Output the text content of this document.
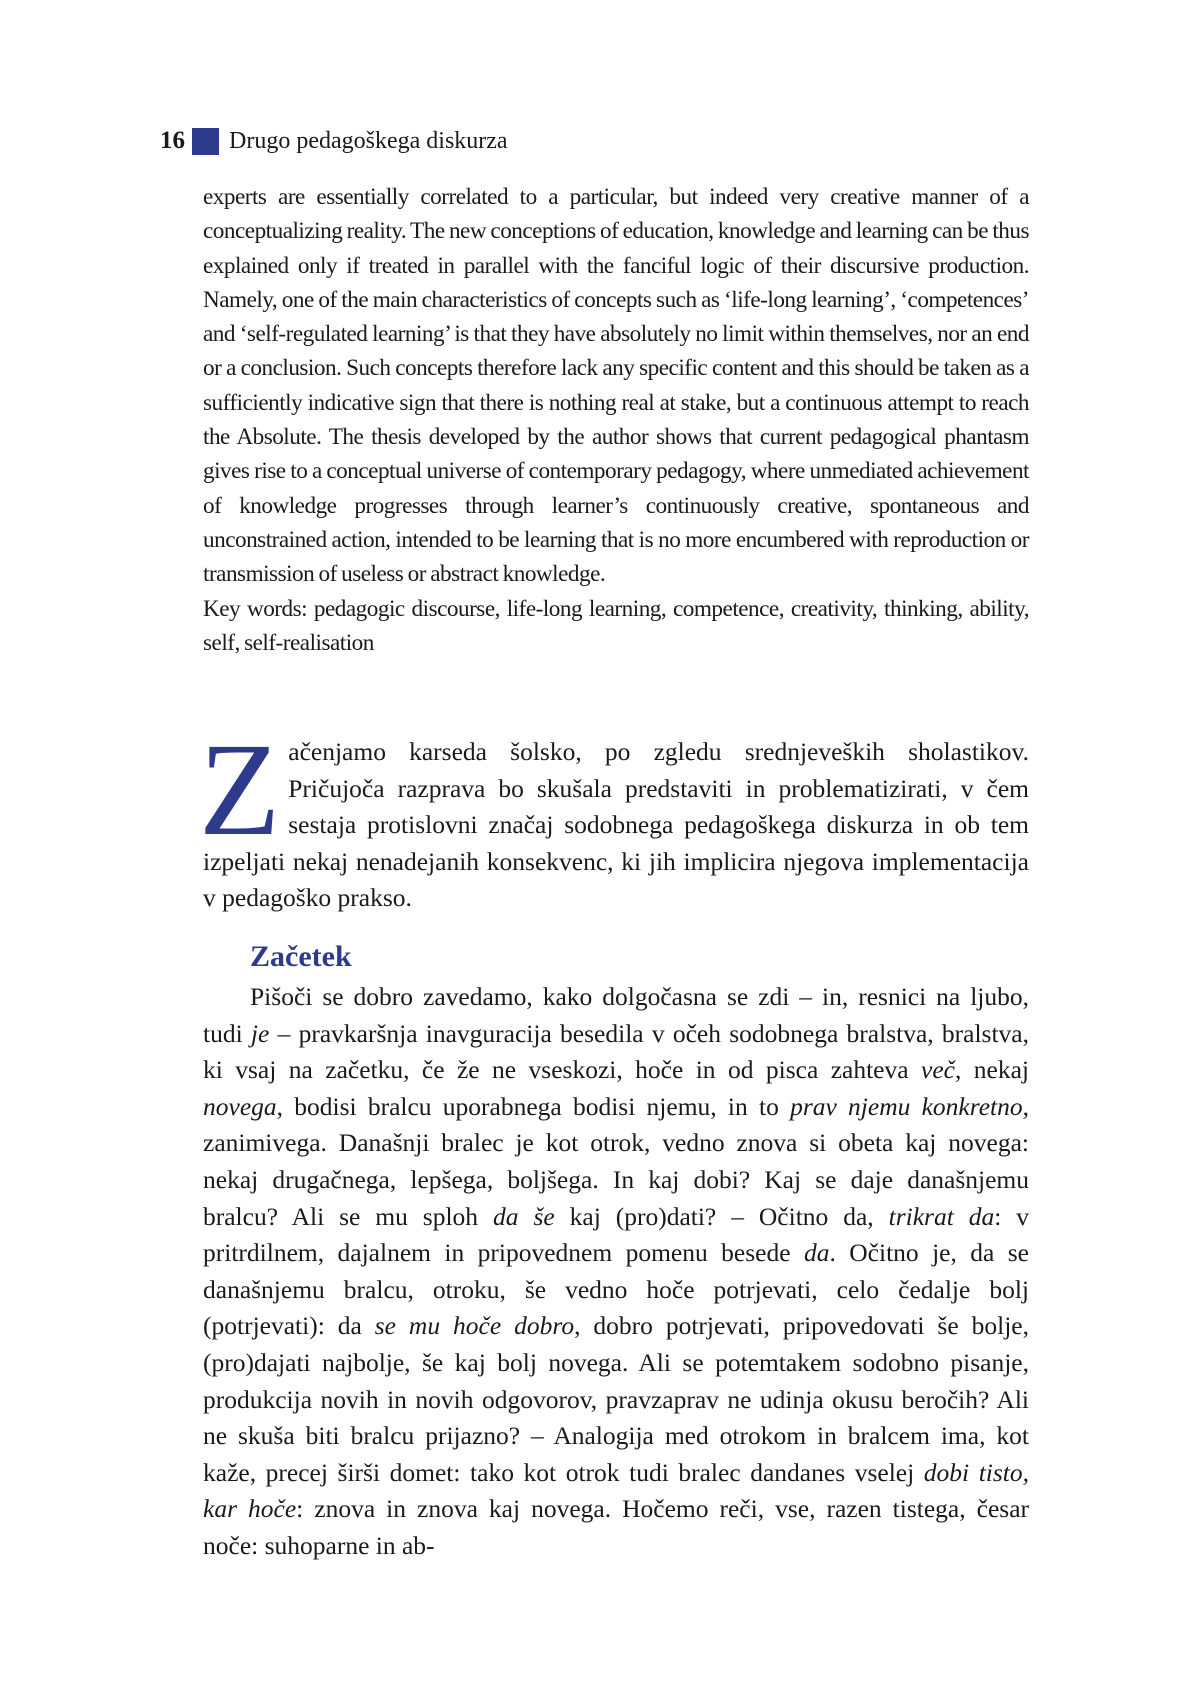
16 Drugo pedagoškega diskurza

experts are essentially correlated to a particular, but indeed very creative manner of a conceptualizing reality. The new conceptions of education, knowledge and learning can be thus explained only if treated in parallel with the fanciful logic of their discursive production. Namely, one of the main characteristics of concepts such as ‘life-long learning’, ‘competences’ and ‘self-regulated learning’ is that they have absolutely no limit within themselves, nor an end or a conclusion. Such concepts therefore lack any specific content and this should be taken as a sufficiently indicative sign that there is nothing real at stake, but a continuous attempt to reach the Absolute. The thesis developed by the author shows that current pedagogical phantasm gives rise to a conceptual universe of contemporary pedagogy, where unmediated achievement of knowledge progresses through learner’s continuously creative, spontaneous and unconstrained action, intended to be learning that is no more encumbered with reproduction or transmission of useless or abstract knowledge.

Key words: pedagogic discourse, life-long learning, competence, creativity, thinking, ability, self, self-realisation

Začenjamo karseda šolsko, po zgledu srednjeveških sholastikov. Pričujoča razprava bo skušala predstaviti in problematizirati, v čem sestaja protislovni značaj sodobnega pedagoškega diskurza in ob tem izpeljati nekaj nenadejanih konsekvenc, ki jih implicira njegova implementacija v pedagoško prakso.

Začetek

Pišoči se dobro zavedamo, kako dolgočasna se zdi – in, resnici na ljubo, tudi je – pravkaršnja inavguracija besedila v očeh sodobnega bralstva, bralstva, ki vsaj na začetku, če že ne vseskozi, hoče in od pisca zahteva več, nekaj novega, bodisi bralcu uporabnega bodisi njemu, in to prav njemu konkretno, zanimivega. Današnji bralec je kot otrok, vedno znova si obeta kaj novega: nekaj drugačnega, lepšega, boljšega. In kaj dobi? Kaj se daje današnjemu bralcu? Ali se mu sploh da še kaj (pro)dati? – Očitno da, trikrat da: v pritrdilnem, dajalnem in pripovednem pomenu besede da. Očitno je, da se današnjemu bralcu, otroku, še vedno hoče potrjevati, celo čedalje bolj (potrjevati): da se mu hoče dobro, dobro potrjevati, pripovedovati še bolje, (pro)dajati najbolje, še kaj bolj novega. Ali se potemtakem sodobno pisanje, produkcija novih in novih odgovorov, pravzaprav ne udinja okusu beročih? Ali ne skuša biti bralcu prijazno? – Analogija med otrokom in bralcem ima, kot kaže, precej širši domet: tako kot otrok tudi bralec dandanes vselej dobi tisto, kar hoče: znova in znova kaj novega. Hočemo reči, vse, razen tistega, česar noče: suhoparne in ab-
